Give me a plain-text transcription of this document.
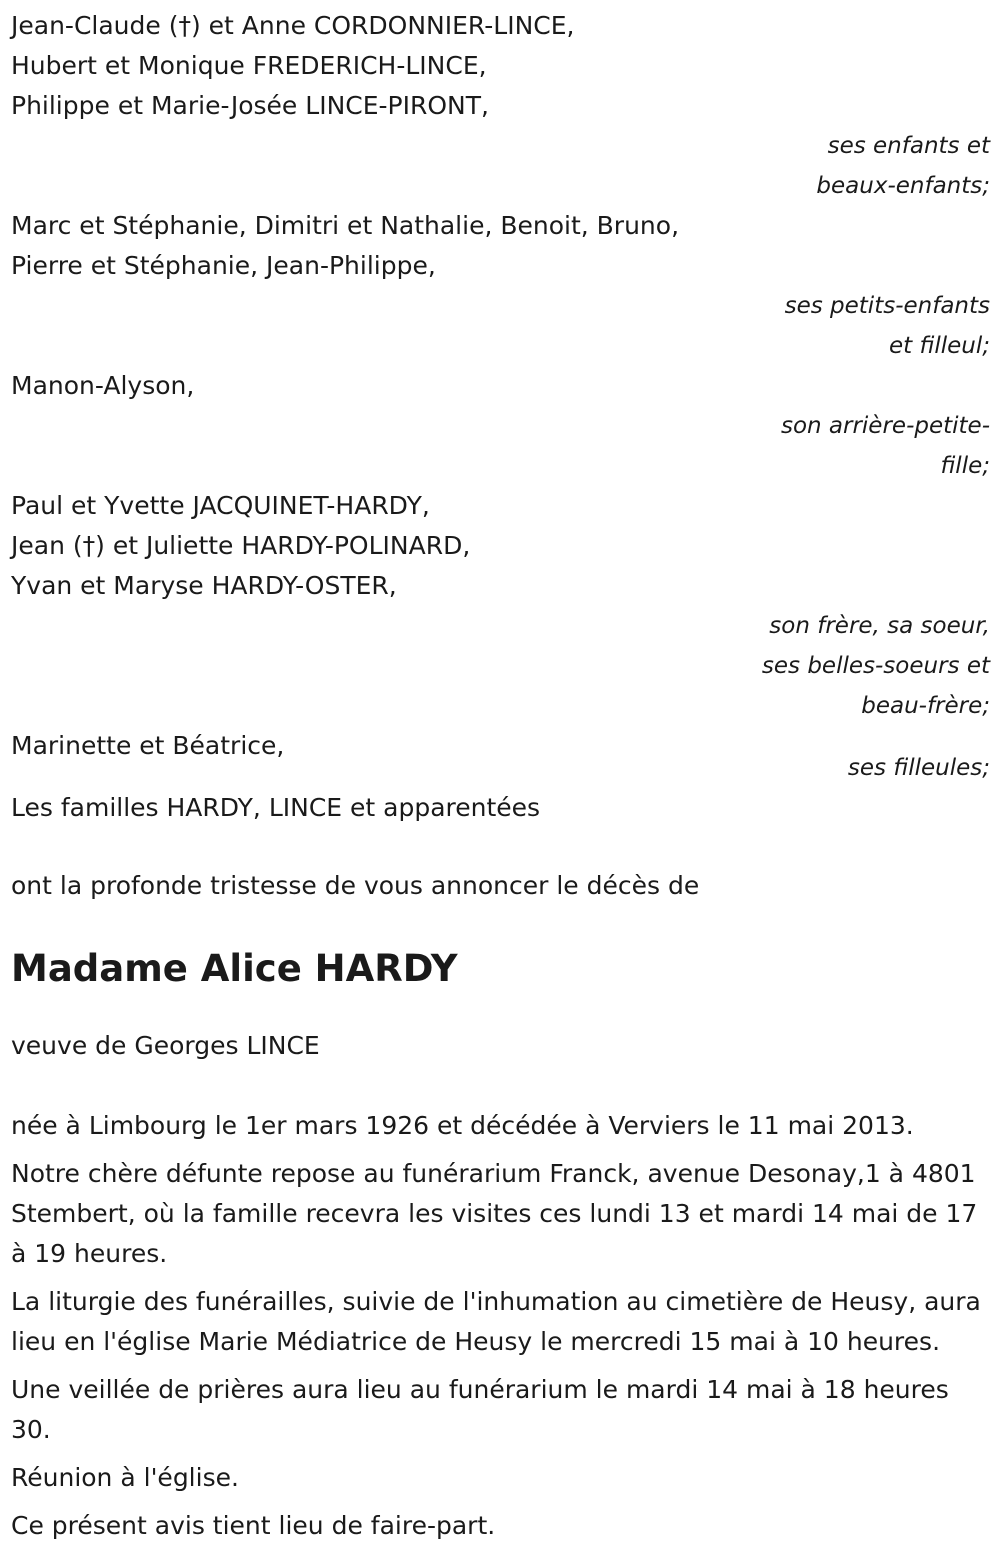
Jean-Claude (†) et Anne CORDONNIER-LINCE,

Hubert et Monique FREDERICH-LINCE,

Philippe et Marie-Josée LINCE-PIRONT,

ses enfants et
beaux-enfants;

Marc et Stéphanie, Dimitri et Nathalie, Benoit, Bruno,

Pierre et Stéphanie, Jean-Philippe,

ses petits-enfants
et filleul;

Manon-Alyson,

son arrière-petite-
fille;

Paul et Yvette JACQUINET-HARDY,

Jean (†) et Juliette HARDY-POLINARD,

Yvan et Maryse HARDY-OSTER,

son frère, sa soeur,
ses belles-soeurs et
beau-frère;

Marinette et Béatrice,

ses filleules;

Les familles HARDY, LINCE et apparentées

ont la profonde tristesse de vous annoncer le décès de

Madame Alice HARDY

veuve de Georges LINCE

née à Limbourg le 1er mars 1926 et décédée à Verviers le 11 mai 2013.

Notre chère défunte repose au funérarium Franck, avenue Desonay,1 à 4801 Stembert, où la famille recevra les visites ces lundi 13 et mardi 14 mai de 17 à 19 heures.

La liturgie des funérailles, suivie de l'inhumation au cimetière de Heusy, aura lieu en l'église Marie Médiatrice de Heusy le mercredi 15 mai à 10 heures.

Une veillée de prières aura lieu au funérarium le mardi 14 mai à 18 heures 30.

Réunion à l'église.

Ce présent avis tient lieu de faire-part.
